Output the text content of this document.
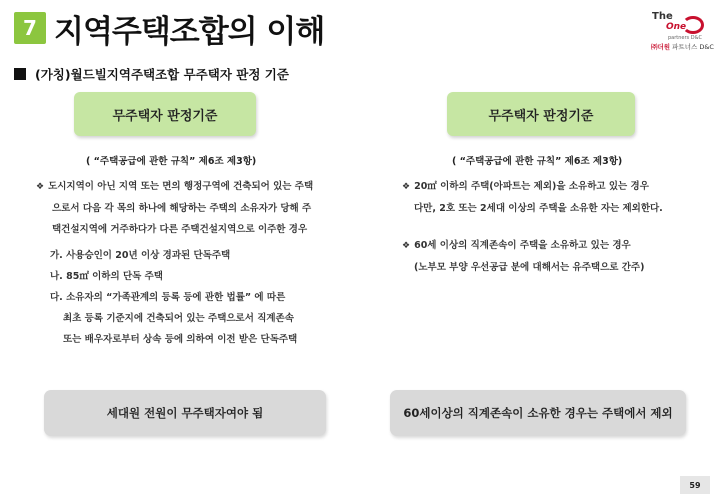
7 지역주택조합의 이해	The
One
partners D&C
㈜더원 파트너스 D&C
(가칭)월드빌지역주택조합 무주택자 판정 기준
무주택자 판정기준	무주택자 판정기준
( “주택공급에 관한 규칙” 제6조 제3항)	( “주택공급에 관한 규칙” 제6조 제3항)
❖ 도시지역이 아닌 지역 또는 면의 행정구역에 건축되어 있는 주택
으로서 다음 각 목의 하나에 해당하는 주택의 소유자가 당해 주
택건설지역에 거주하다가 다른 주택건설지역으로 이주한 경우
가. 사용승인이 20년 이상 경과된 단독주택
나. 85㎡ 이하의 단독 주택
다. 소유자의 “가족관계의 등록 등에 관한 법률” 에 따른
최초 등록 기준지에 건축되어 있는 주택으로서 직계존속
또는 배우자로부터 상속 등에 의하여 이전 받은 단독주택
❖ 20㎡ 이하의 주택(아파트는 제외)을 소유하고 있는 경우
다만, 2호 또는 2세대 이상의 주택을 소유한 자는 제외한다.
❖ 60세 이상의 직계존속이 주택을 소유하고 있는 경우
(노부모 부양 우선공급 분에 대해서는 유주택으로 간주)
세대원 전원이 무주택자여야 됨	60세이상의 직계존속이 소유한 경우는 주택에서 제외
59
